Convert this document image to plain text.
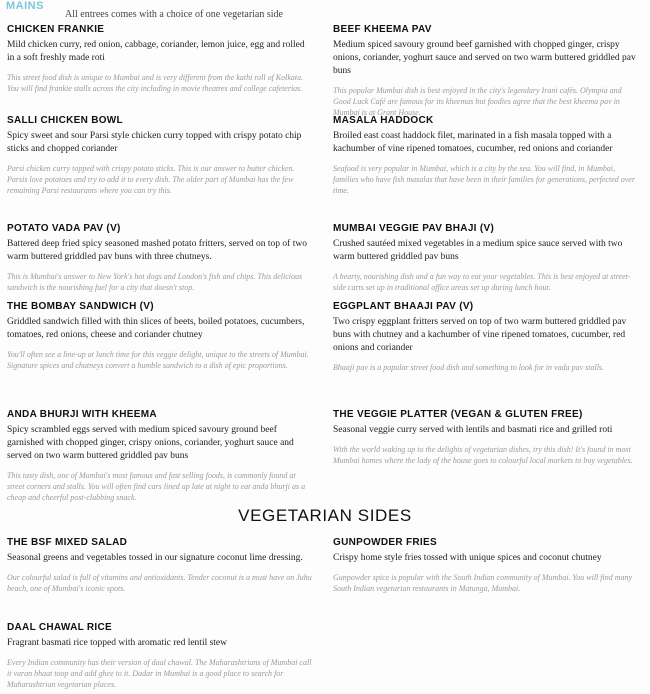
MAINS
All entrees comes with a choice of one vegetarian side
CHICKEN FRANKIE

Mild chicken curry, red onion, cabbage, coriander, lemon juice, egg and rolled in a soft freshly made roti

This street food dish is unique to Mumbai and is very different from the kathi roll of Kolkata. You will find frankie stalls across the city including in movie theatres and college cafeterias.
SALLI CHICKEN BOWL

Spicy sweet and sour Parsi style chicken curry topped with crispy potato chip sticks and chopped coriander

Parsi chicken curry topped with crispy potato sticks. This is our answer to butter chicken. Parsis love potatoes and try to add it to every dish. The older part of Mumbai has the few remaining Parsi restaurants where you can try this.
POTATO VADA PAV (V)

Battered deep fried spicy seasoned mashed potato fritters, served on top of two warm buttered griddled pav buns with three chutneys.

This is Mumbai's answer to New York's hot dogs and London's fish and chips. This delicious sandwich is the nourishing fuel for a city that doesn't stop.
THE BOMBAY SANDWICH (V)

Griddled sandwich filled with thin slices of beets, boiled potatoes, cucumbers, tomatoes, red onions, cheese and coriander chutney

You'll often see a line-up at lunch time for this veggie delight, unique to the streets of Mumbai. Signature spices and chutneys convert a humble sandwich to a dish of epic proportions.
ANDA BHURJI WITH KHEEMA

Spicy scrambled eggs served with medium spiced savoury ground beef garnished with chopped ginger, crispy onions, coriander, yoghurt sauce and served on two warm buttered griddled pav buns

This tasty dish, one of Mumbai's most famous and fast selling foods, is commonly found at street corners and stalls. You will often find cars lined up late at night to eat anda bhurji as a cheap and cheerful post-clubbing snack.
BEEF KHEEMA PAV

Medium spiced savoury ground beef garnished with chopped ginger, crispy onions, coriander, yoghurt sauce and served on two warm buttered griddled pav buns

This popular Mumbai dish is best enjoyed in the city's legendary Irani cafés. Olympia and Good Luck Café are famous for its kheemas but foodies agree that the best kheema pav in Mumbai is at Grant House.
MASALA HADDOCK

Broiled east coast haddock filet, marinated in a fish masala topped with a kachumber of vine ripened tomatoes, cucumber, red onions and coriander

Seafood is very popular in Mumbai, which is a city by the sea. You will find, in Mumbai, families who have fish masalas that have been in their families for generations, perfected over time.
MUMBAI VEGGIE PAV BHAJI (V)

Crushed sautéed mixed vegetables in a medium spice sauce served with two warm buttered griddled pav buns

A hearty, nourishing dish and a fun way to eat your vegetables. This is best enjoyed at street-side carts set up in traditional office areas set up during lunch hour.
EGGPLANT BHAAJI PAV (V)

Two crispy eggplant fritters served on top of two warm buttered griddled pav buns with chutney and a kachumber of vine ripened tomatoes, cucumber, red onions and coriander

Bhaaji pav is a popular street food dish and something to look for in vada pav stalls.
THE VEGGIE PLATTER (VEGAN & GLUTEN FREE)

Seasonal veggie curry served with lentils and basmati rice and grilled roti

With the world waking up to the delights of vegetarian dishes, try this dish! It's found in most Mumbai homes where the lady of the house goes to colourful local markets to buy vegetables.
VEGETARIAN SIDES
THE BSF MIXED SALAD

Seasonal greens and vegetables tossed in our signature coconut lime dressing.

Our colourful salad is full of vitamins and antioxidants. Tender coconut is a must have on Juhu beach, one of Mumbai's iconic spots.
GUNPOWDER FRIES

Crispy home style fries tossed with unique spices and coconut chutney

Gunpowder spice is popular with the South Indian community of Mumbai. You will find many South Indian vegetarian restaurants in Matunga, Mumbai.
DAAL CHAWAL RICE

Fragrant basmati rice topped with aromatic red lentil stew

Every Indian community has their version of daal chawal. The Maharashtrians of Mumbai call it varan bhaat toop and add ghee to it. Dadar in Mumbai is a good place to search for Maharashtrian vegetarian places.
